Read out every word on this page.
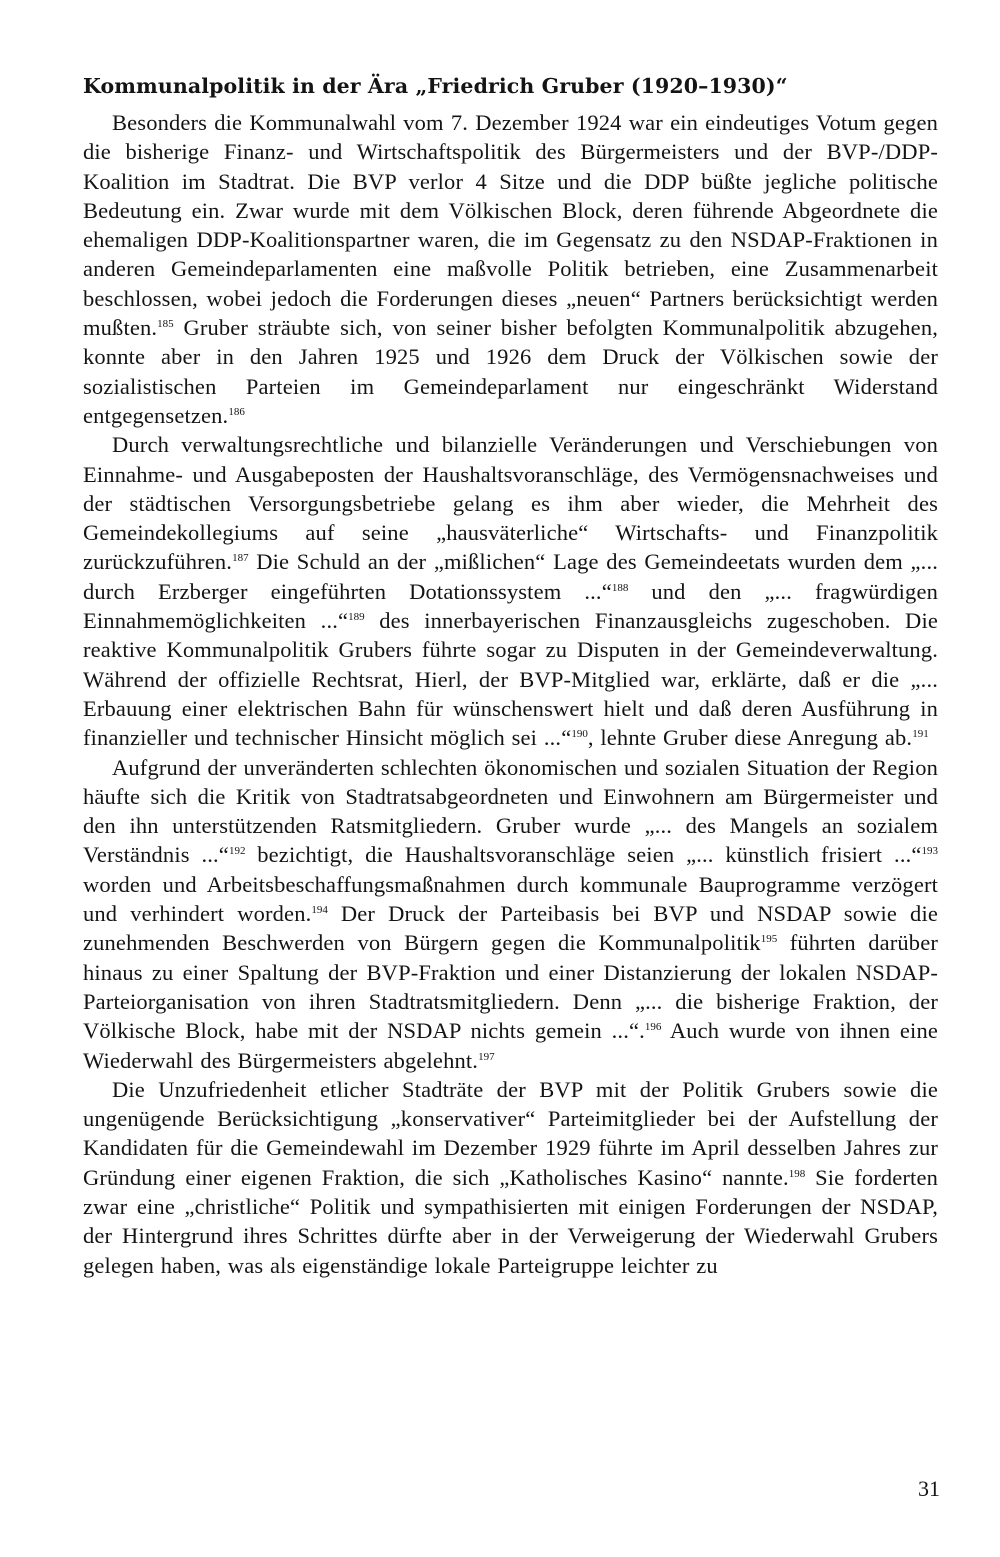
Kommunalpolitik in der Ära „Friedrich Gruber (1920–1930)“

Besonders die Kommunalwahl vom 7. Dezember 1924 war ein eindeutiges Votum gegen die bisherige Finanz- und Wirtschaftspolitik des Bürgermeisters und der BVP-/DDP-Koalition im Stadtrat. Die BVP verlor 4 Sitze und die DDP büßte jegliche politische Bedeutung ein. Zwar wurde mit dem Völkischen Block, deren führende Abgeordnete die ehemaligen DDP-Koalitionspartner waren, die im Gegensatz zu den NSDAP-Fraktionen in anderen Gemeindeparlamenten eine maßvolle Politik betrieben, eine Zusammenarbeit beschlossen, wobei jedoch die Forderungen dieses „neuen“ Partners berücksichtigt werden mußten.$^{185}$ Gruber sträubte sich, von seiner bisher befolgten Kommunalpolitik abzugehen, konnte aber in den Jahren 1925 und 1926 dem Druck der Völkischen sowie der sozialistischen Parteien im Gemeindeparlament nur eingeschränkt Widerstand entgegensetzen.$^{186}$

Durch verwaltungsrechtliche und bilanzielle Veränderungen und Verschiebungen von Einnahme- und Ausgabeposten der Haushaltsvoranschläge, des Vermögensnachweises und der städtischen Versorgungsbetriebe gelang es ihm aber wieder, die Mehrheit des Gemeindekollegiums auf seine „hausväterliche“ Wirtschafts- und Finanzpolitik zurückzuführen.$^{187}$ Die Schuld an der „mißlichen“ Lage des Gemeindeetats wurden dem „... durch Erzberger eingeführten Dotationssystem ...“$^{188}$ und den „... fragwürdigen Einnahmemöglichkeiten ...“$^{189}$ des innerbayerischen Finanzausgleichs zugeschoben. Die reaktive Kommunalpolitik Grubers führte sogar zu Disputen in der Gemeindeverwaltung. Während der offizielle Rechtsrat, Hierl, der BVP-Mitglied war, erklärte, daß er die „... Erbauung einer elektrischen Bahn für wünschenswert hielt und daß deren Ausführung in finanzieller und technischer Hinsicht möglich sei ...“$^{190}$, lehnte Gruber diese Anregung ab.$^{191}$

Aufgrund der unveränderten schlechten ökonomischen und sozialen Situation der Region häufte sich die Kritik von Stadtratsabgeordneten und Einwohnern am Bürgermeister und den ihn unterstützenden Ratsmitgliedern. Gruber wurde „... des Mangels an sozialem Verständnis ...“$^{192}$ bezichtigt, die Haushaltsvoranschläge seien „... künstlich frisiert ...“$^{193}$ worden und Arbeitsbeschaffungsmaßnahmen durch kommunale Bauprogramme verzögert und verhindert worden.$^{194}$ Der Druck der Parteibasis bei BVP und NSDAP sowie die zunehmenden Beschwerden von Bürgern gegen die Kommunalpolitik$^{195}$ führten darüber hinaus zu einer Spaltung der BVP-Fraktion und einer Distanzierung der lokalen NSDAP-Parteiorganisation von ihren Stadtratsmitgliedern. Denn „... die bisherige Fraktion, der Völkische Block, habe mit der NSDAP nichts gemein ...“.$^{196}$ Auch wurde von ihnen eine Wiederwahl des Bürgermeisters abgelehnt.$^{197}$

Die Unzufriedenheit etlicher Stadträte der BVP mit der Politik Grubers sowie die ungenügende Berücksichtigung „konservativer“ Parteimitglieder bei der Aufstellung der Kandidaten für die Gemeindewahl im Dezember 1929 führte im April desselben Jahres zur Gründung einer eigenen Fraktion, die sich „Katholisches Kasino“ nannte.$^{198}$ Sie forderten zwar eine „christliche“ Politik und sympathisierten mit einigen Forderungen der NSDAP, der Hintergrund ihres Schrittes dürfte aber in der Verweigerung der Wiederwahl Grubers gelegen haben, was als eigenständige lokale Parteigruppe leichter zu

31
